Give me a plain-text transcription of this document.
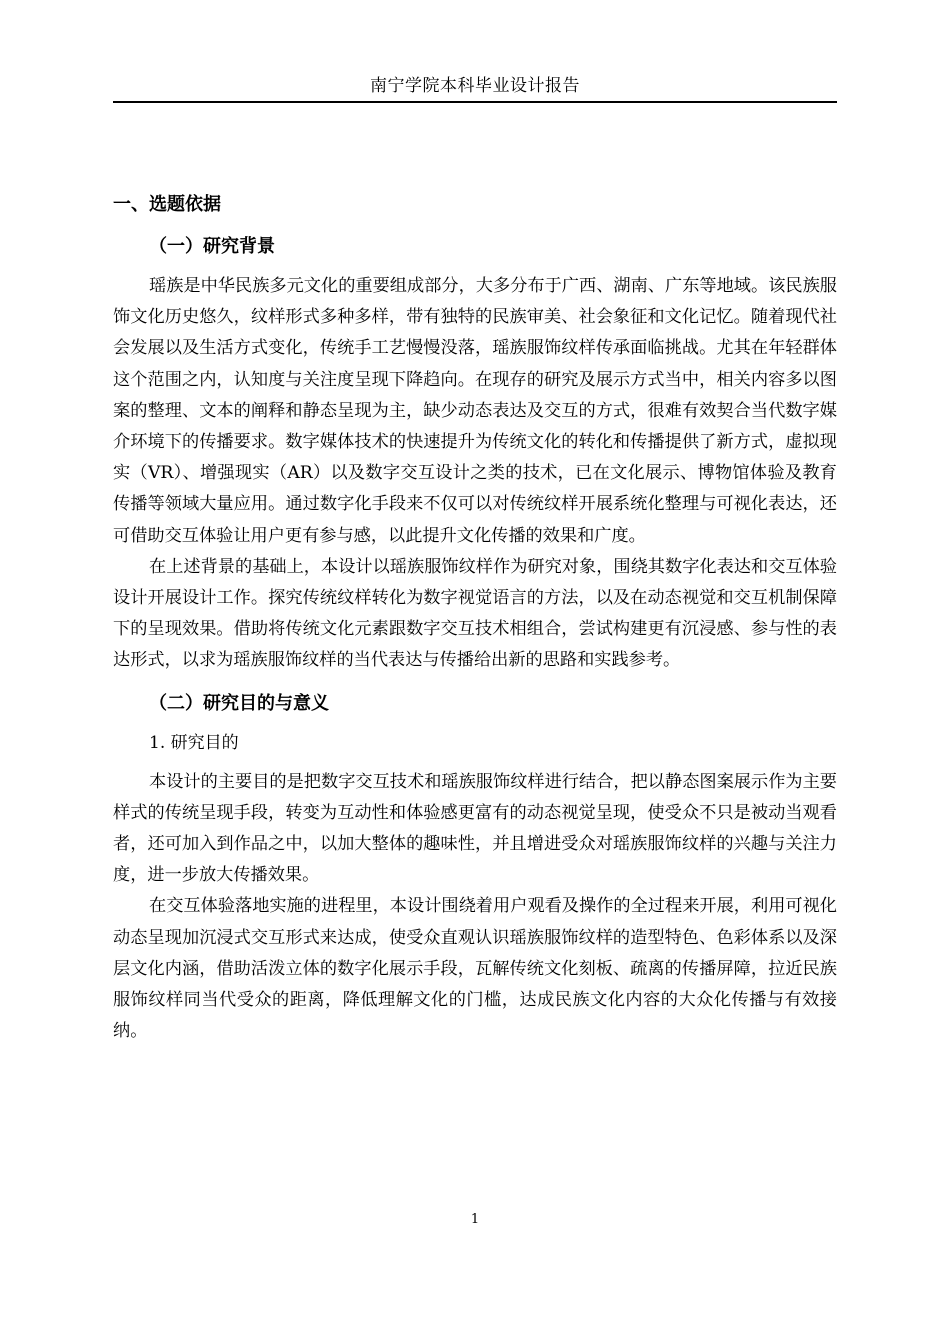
南宁学院本科毕业设计报告
一、选题依据
（一）研究背景

瑶族是中华民族多元文化的重要组成部分，大多分布于广西、湖南、广东等地域。该民族服饰文化历史悠久，纹样形式多种多样，带有独特的民族审美、社会象征和文化记忆。随着现代社会发展以及生活方式变化，传统手工艺慢慢没落，瑶族服饰纹样传承面临挑战。尤其在年轻群体这个范围之内，认知度与关注度呈现下降趋向。在现存的研究及展示方式当中，相关内容多以图案的整理、文本的阐释和静态呈现为主，缺少动态表达及交互的方式，很难有效契合当代数字媒介环境下的传播要求。数字媒体技术的快速提升为传统文化的转化和传播提供了新方式，虚拟现实（VR）、增强现实（AR）以及数字交互设计之类的技术，已在文化展示、博物馆体验及教育传播等领域大量应用。通过数字化手段来不仅可以对传统纹样开展系统化整理与可视化表达，还可借助交互体验让用户更有参与感，以此提升文化传播的效果和广度。

在上述背景的基础上，本设计以瑶族服饰纹样作为研究对象，围绕其数字化表达和交互体验设计开展设计工作。探究传统纹样转化为数字视觉语言的方法，以及在动态视觉和交互机制保障下的呈现效果。借助将传统文化元素跟数字交互技术相组合，尝试构建更有沉浸感、参与性的表达形式，以求为瑶族服饰纹样的当代表达与传播给出新的思路和实践参考。

（二）研究目的与意义
1. 研究目的

本设计的主要目的是把数字交互技术和瑶族服饰纹样进行结合，把以静态图案展示作为主要样式的传统呈现手段，转变为互动性和体验感更富有的动态视觉呈现，使受众不只是被动当观看者，还可加入到作品之中，以加大整体的趣味性，并且增进受众对瑶族服饰纹样的兴趣与关注力度，进一步放大传播效果。

在交互体验落地实施的进程里，本设计围绕着用户观看及操作的全过程来开展，利用可视化动态呈现加沉浸式交互形式来达成，使受众直观认识瑶族服饰纹样的造型特色、色彩体系以及深层文化内涵，借助活泼立体的数字化展示手段，瓦解传统文化刻板、疏离的传播屏障，拉近民族服饰纹样同当代受众的距离，降低理解文化的门槛，达成民族文化内容的大众化传播与有效接纳。

1
